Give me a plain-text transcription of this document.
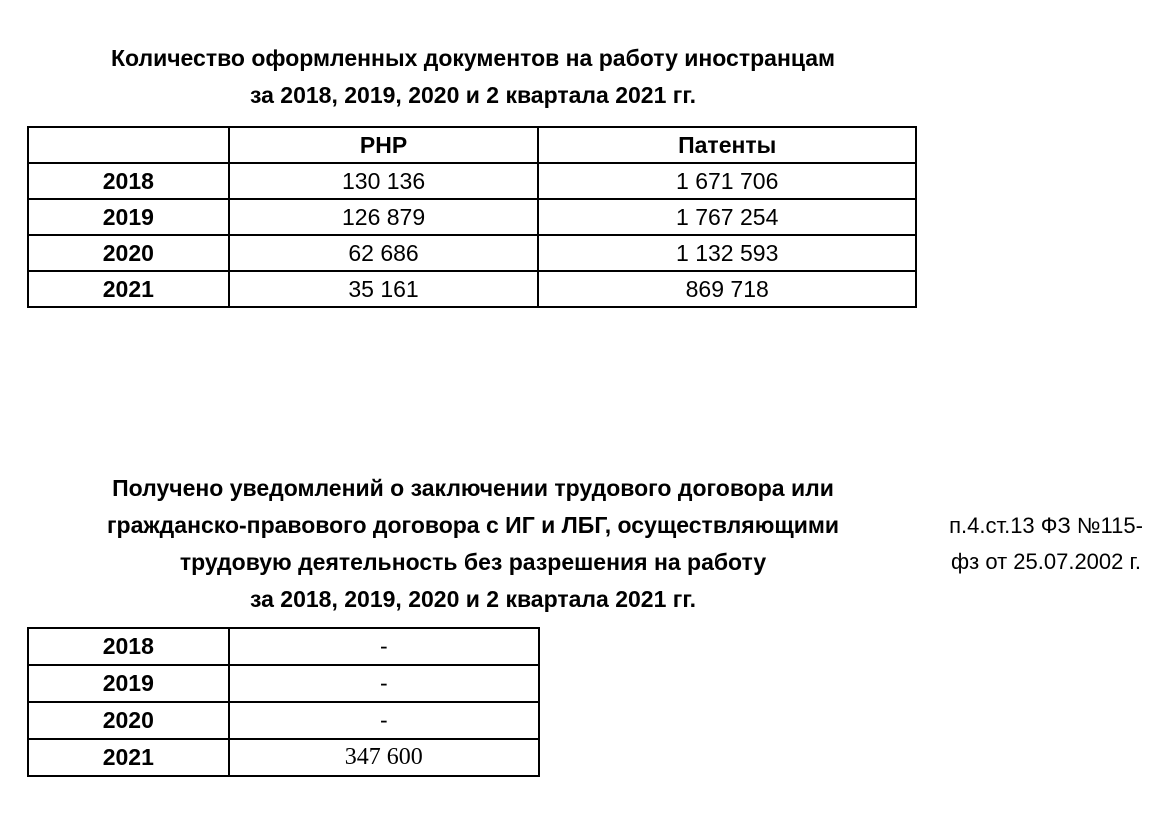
Количество оформленных документов на работу иностранцам
за 2018, 2019, 2020 и 2 квартала 2021 гг.
	РНР	Патенты
2018	130 136	1 671 706
2019	126 879	1 767 254
2020	62 686	1 132 593
2021	35 161	869 718
Получено уведомлений о заключении трудового договора или
гражданско-правового договора с ИГ и ЛБГ, осуществляющими
трудовую деятельность без разрешения на работу
за 2018, 2019, 2020 и 2 квартала 2021 гг.
п.4.ст.13 ФЗ №115-
фз от 25.07.2002 г.
2018	-
2019	-
2020	-
2021	347 600
